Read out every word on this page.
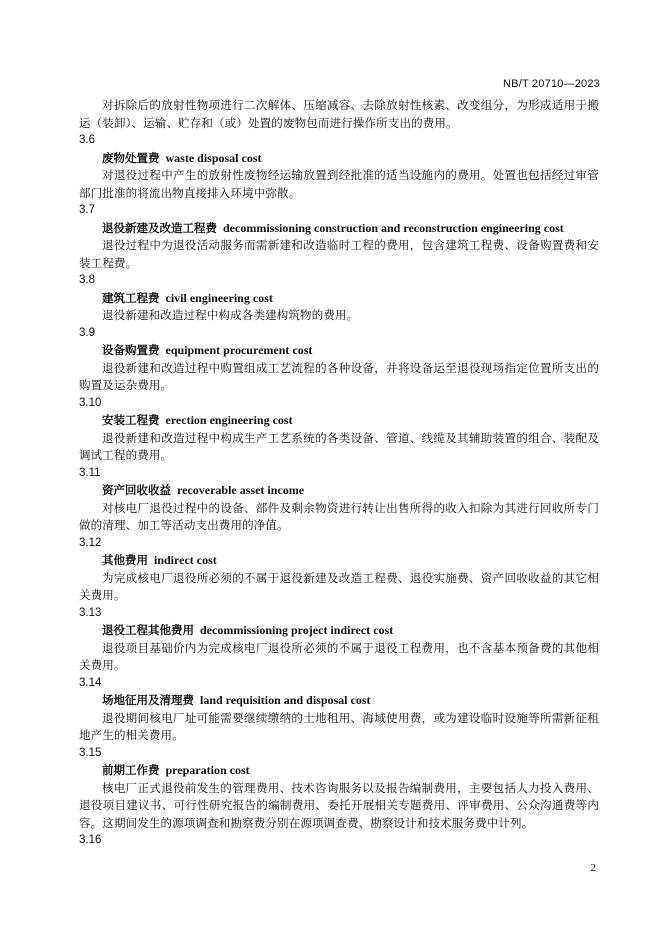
NB/T 20710—2023

对拆除后的放射性物项进行二次解体、压缩减容、去除放射性核素、改变组分，为形成适用于搬运（装卸）、运输、贮存和（或）处置的废物包而进行操作所支出的费用。

3.6
废物处置费 waste disposal cost

对退役过程中产生的放射性废物经运输放置到经批准的适当设施内的费用。处置也包括经过审管部门批准的将流出物直接排入环境中弥散。

3.7
退役新建及改造工程费 decommissioning construction and reconstruction engineering cost

退役过程中为退役活动服务而需新建和改造临时工程的费用，包含建筑工程费、设备购置费和安装工程费。

3.8
建筑工程费 civil engineering cost

退役新建和改造过程中构成各类建构筑物的费用。

3.9
设备购置费 equipment procurement cost

退役新建和改造过程中购置组成工艺流程的各种设备，并将设备运至退役现场指定位置所支出的购置及运杂费用。

3.10
安装工程费 erection engineering cost

退役新建和改造过程中构成生产工艺系统的各类设备、管道、线缆及其辅助装置的组合、装配及调试工程的费用。

3.11
资产回收收益 recoverable asset income

对核电厂退役过程中的设备、部件及剩余物资进行转让出售所得的收入扣除为其进行回收所专门做的清理、加工等活动支出费用的净值。

3.12
其他费用 indirect cost

为完成核电厂退役所必须的不属于退役新建及改造工程费、退役实施费、资产回收收益的其它相关费用。

3.13
退役工程其他费用 decommissioning project indirect cost

退役项目基础价内为完成核电厂退役所必须的不属于退役工程费用，也不含基本预备费的其他相关费用。

3.14
场地征用及清理费 land requisition and disposal cost

退役期间核电厂址可能需要继续缴纳的土地租用、海域使用费，或为建设临时设施等所需新征租地产生的相关费用。

3.15
前期工作费 preparation cost

核电厂正式退役前发生的管理费用、技术咨询服务以及报告编制费用，主要包括人力投入费用、退役项目建议书、可行性研究报告的编制费用、委托开展相关专题费用、评审费用、公众沟通费等内容。这期间发生的源项调查和勘察费分别在源项调查费、勘察设计和技术服务费中计列。

3.16
2
